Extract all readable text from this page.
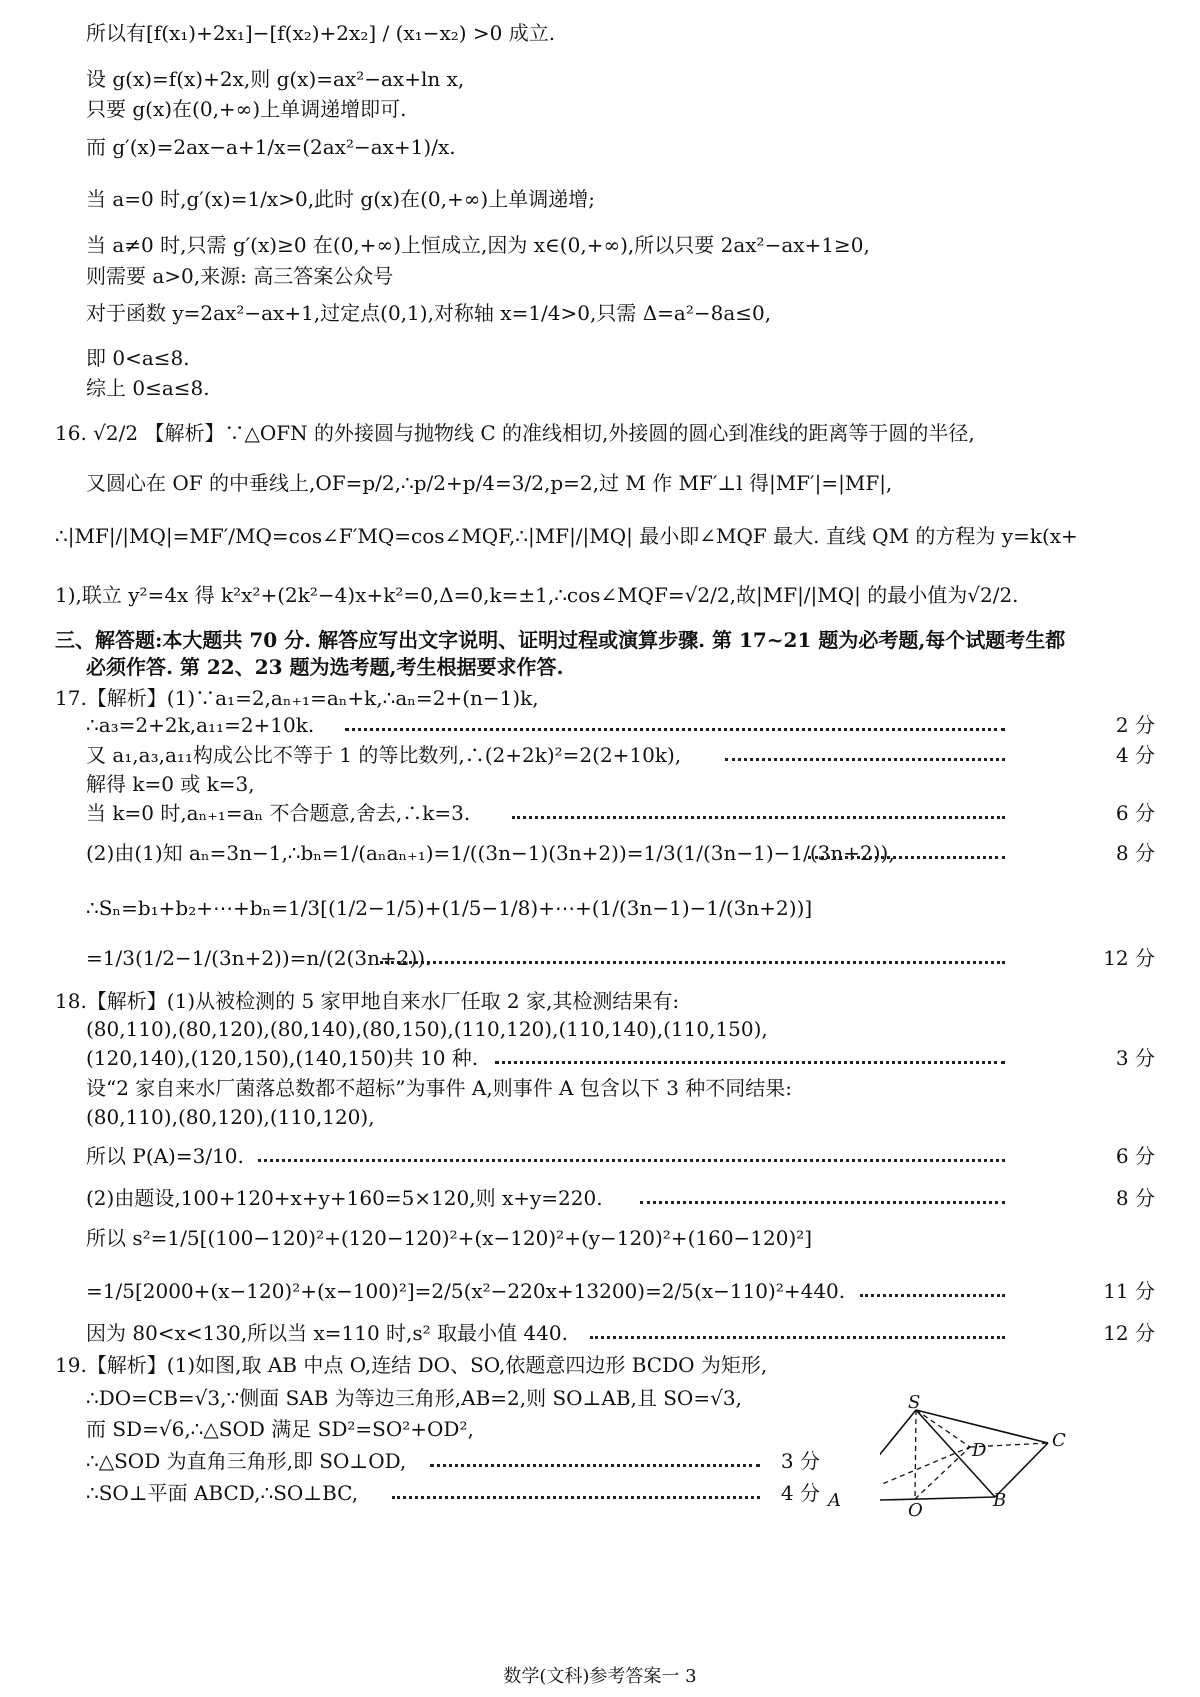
所以有[f(x₁)+2x₁]−[f(x₂)+2x₂] / (x₁−x₂) >0 成立.
设 g(x)=f(x)+2x,则 g(x)=ax²−ax+ln x,
只要 g(x)在(0,+∞)上单调递增即可.
而 g′(x)=2ax−a+1/x=(2ax²−ax+1)/x.
当 a=0 时,g′(x)=1/x>0,此时 g(x)在(0,+∞)上单调递增;
当 a≠0 时,只需 g′(x)≥0 在(0,+∞)上恒成立,因为 x∈(0,+∞),所以只要 2ax²−ax+1≥0,
则需要 a>0,来源: 高三答案公众号
对于函数 y=2ax²−ax+1,过定点(0,1),对称轴 x=1/4>0,只需 Δ=a²−8a≤0,
即 0<a≤8.
综上 0≤a≤8.
16. √2/2 【解析】∵△OFN 的外接圆与抛物线 C 的准线相切,外接圆的圆心到准线的距离等于圆的半径,
又圆心在 OF 的中垂线上,OF=p/2,∴p/2+p/4=3/2,p=2,过 M 作 MF′⊥l 得|MF′|=|MF|,
∴|MF|/|MQ|=MF′/MQ=cos∠F′MQ=cos∠MQF,∴|MF|/|MQ| 最小即∠MQF 最大. 直线 QM 的方程为 y=k(x+
1),联立 y²=4x 得 k²x²+(2k²−4)x+k²=0,Δ=0,k=±1,∴cos∠MQF=√2/2,故|MF|/|MQ| 的最小值为√2/2.
三、解答题:本大题共 70 分. 解答应写出文字说明、证明过程或演算步骤. 第 17~21 题为必考题,每个试题考生都
必须作答. 第 22、23 题为选考题,考生根据要求作答.
17.【解析】(1)∵a₁=2,aₙ₊₁=aₙ+k,∴aₙ=2+(n−1)k,
∴a₃=2+2k,a₁₁=2+10k.	2 分
又 a₁,a₃,a₁₁构成公比不等于 1 的等比数列,∴(2+2k)²=2(2+10k),	4 分
解得 k=0 或 k=3,
当 k=0 时,aₙ₊₁=aₙ 不合题意,舍去,∴k=3.	6 分
(2)由(1)知 aₙ=3n−1,∴bₙ=1/(aₙaₙ₊₁)=1/((3n−1)(3n+2))=1/3(1/(3n−1)−1/(3n+2)),	8 分
∴Sₙ=b₁+b₂+⋯+bₙ=1/3[(1/2−1/5)+(1/5−1/8)+⋯+(1/(3n−1)−1/(3n+2))]
=1/3(1/2−1/(3n+2))=n/(2(3n+2)).	12 分
18.【解析】(1)从被检测的 5 家甲地自来水厂任取 2 家,其检测结果有:
(80,110),(80,120),(80,140),(80,150),(110,120),(110,140),(110,150),
(120,140),(120,150),(140,150)共 10 种.	3 分
设“2 家自来水厂菌落总数都不超标”为事件 A,则事件 A 包含以下 3 种不同结果:
(80,110),(80,120),(110,120),
所以 P(A)=3/10.	6 分
(2)由题设,100+120+x+y+160=5×120,则 x+y=220.	8 分
所以 s²=1/5[(100−120)²+(120−120)²+(x−120)²+(y−120)²+(160−120)²]
=1/5[2000+(x−120)²+(x−100)²]=2/5(x²−220x+13200)=2/5(x−110)²+440.	11 分
因为 80<x<130,所以当 x=110 时,s² 取最小值 440.	12 分
19.【解析】(1)如图,取 AB 中点 O,连结 DO、SO,依题意四边形 BCDO 为矩形,
∴DO=CB=√3,∵侧面 SAB 为等边三角形,AB=2,则 SO⊥AB,且 SO=√3,
而 SD=√6,∴△SOD 满足 SD²=SO²+OD²,
∴△SOD 为直角三角形,即 SO⊥OD,	3 分
∴SO⊥平面 ABCD,∴SO⊥BC,	4 分
S
A	B
C
D
O
数学(文科)参考答案一 3
